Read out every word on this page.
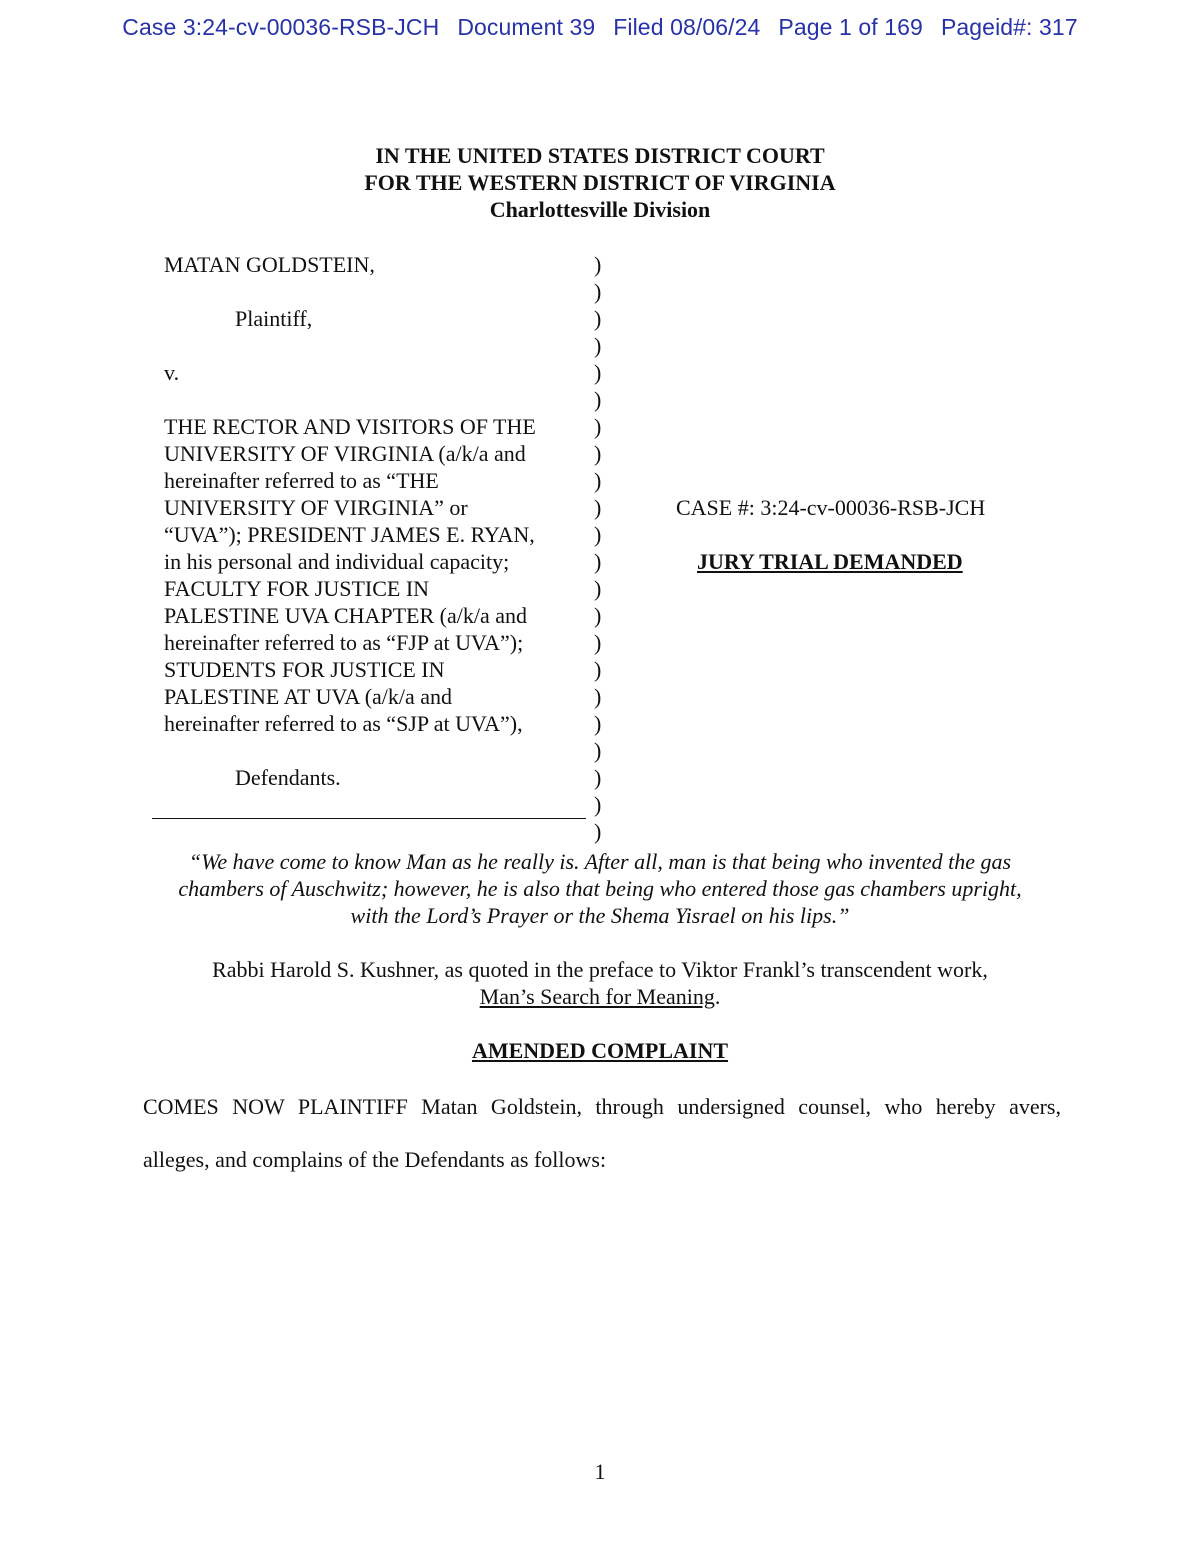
Case 3:24-cv-00036-RSB-JCH Document 39 Filed 08/06/24 Page 1 of 169 Pageid#: 317
IN THE UNITED STATES DISTRICT COURT
FOR THE WESTERN DISTRICT OF VIRGINIA
Charlottesville Division
MATAN GOLDSTEIN,
Plaintiff,
v.
THE RECTOR AND VISITORS OF THE
UNIVERSITY OF VIRGINIA (a/k/a and
hereinafter referred to as “THE
UNIVERSITY OF VIRGINIA” or
“UVA”); PRESIDENT JAMES E. RYAN,
in his personal and individual capacity;
FACULTY FOR JUSTICE IN
PALESTINE UVA CHAPTER (a/k/a and
hereinafter referred to as “FJP at UVA”);
STUDENTS FOR JUSTICE IN
PALESTINE AT UVA (a/k/a and
hereinafter referred to as “SJP at UVA”),
Defendants.
)
)
)
)
)
)
)
)
)
)
)
)
)
)
)
)
)
)
)
)
)
)
CASE #: 3:24-cv-00036-RSB-JCH
JURY TRIAL DEMANDED
“We have come to know Man as he really is. After all, man is that being who invented the gas
chambers of Auschwitz; however, he is also that being who entered those gas chambers upright,
with the Lord’s Prayer or the Shema Yisrael on his lips.”
Rabbi Harold S. Kushner, as quoted in the preface to Viktor Frankl’s transcendent work,
Man’s Search for Meaning.
AMENDED COMPLAINT
COMES NOW PLAINTIFF Matan Goldstein, through undersigned counsel, who hereby avers,
alleges, and complains of the Defendants as follows:
1
